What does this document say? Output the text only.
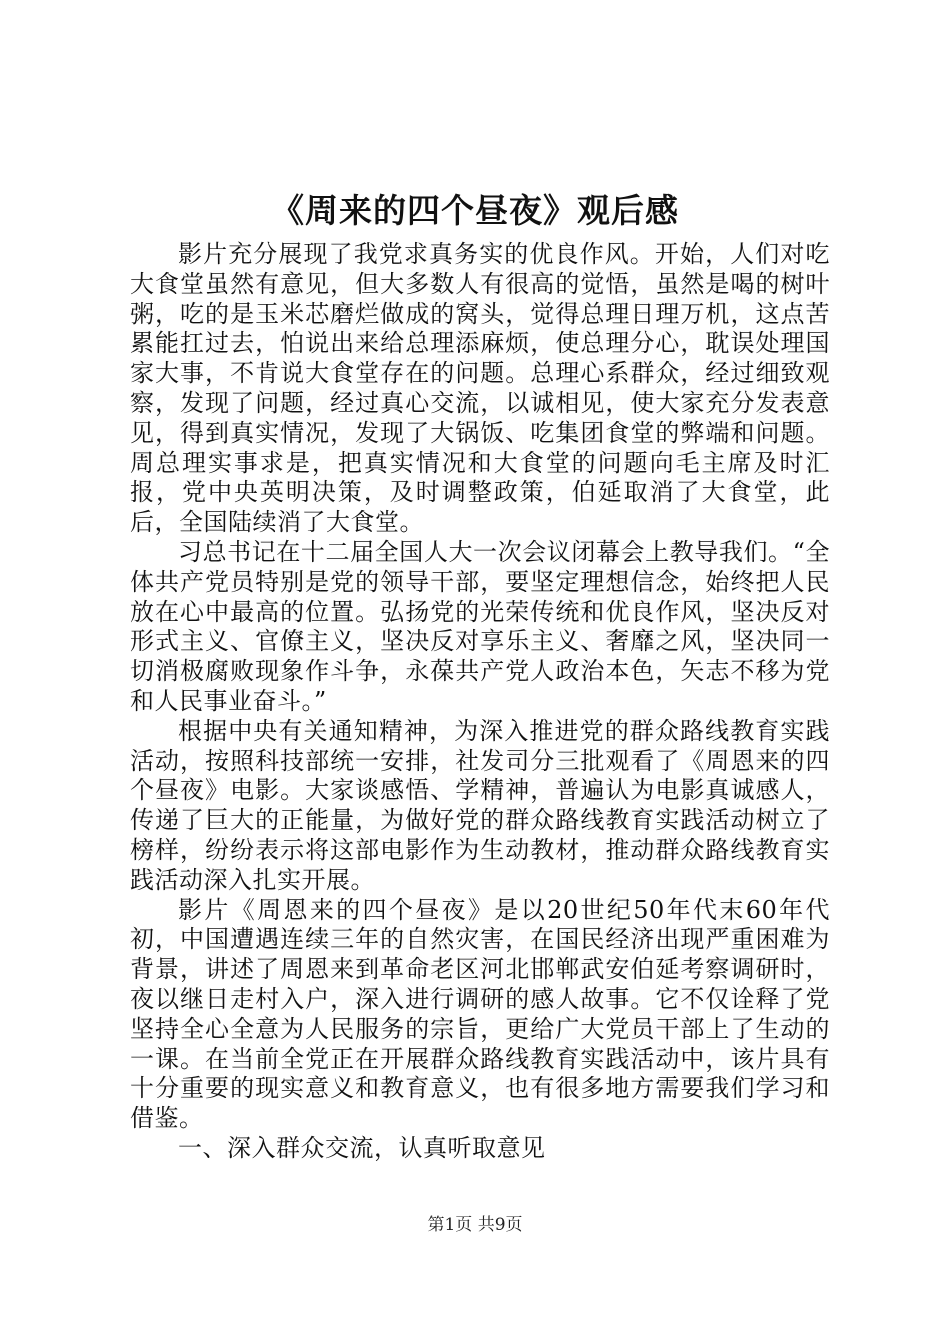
《周来的四个昼夜》观后感

影片充分展现了我党求真务实的优良作风。开始，人们对吃大食堂虽然有意见，但大多数人有很高的觉悟，虽然是喝的树叶粥，吃的是玉米芯磨烂做成的窝头，觉得总理日理万机，这点苦累能扛过去，怕说出来给总理添麻烦，使总理分心，耽误处理国家大事，不肯说大食堂存在的问题。总理心系群众，经过细致观察，发现了问题，经过真心交流，以诚相见，使大家充分发表意见，得到真实情况，发现了大锅饭、吃集团食堂的弊端和问题。周总理实事求是，把真实情况和大食堂的问题向毛主席及时汇报，党中央英明决策，及时调整政策，伯延取消了大食堂，此后，全国陆续消了大食堂。

习总书记在十二届全国人大一次会议闭幕会上教导我们。“全体共产党员特别是党的领导干部，要坚定理想信念，始终把人民放在心中最高的位置。弘扬党的光荣传统和优良作风，坚决反对形式主义、官僚主义，坚决反对享乐主义、奢靡之风，坚决同一切消极腐败现象作斗争，永葆共产党人政治本色，矢志不移为党和人民事业奋斗。”

根据中央有关通知精神，为深入推进党的群众路线教育实践活动，按照科技部统一安排，社发司分三批观看了《周恩来的四个昼夜》电影。大家谈感悟、学精神，普遍认为电影真诚感人，传递了巨大的正能量，为做好党的群众路线教育实践活动树立了榜样，纷纷表示将这部电影作为生动教材，推动群众路线教育实践活动深入扎实开展。

影片《周恩来的四个昼夜》是以20世纪50年代末60年代初，中国遭遇连续三年的自然灾害，在国民经济出现严重困难为背景，讲述了周恩来到革命老区河北邯郸武安伯延考察调研时，夜以继日走村入户，深入进行调研的感人故事。它不仅诠释了党坚持全心全意为人民服务的宗旨，更给广大党员干部上了生动的一课。在当前全党正在开展群众路线教育实践活动中，该片具有十分重要的现实意义和教育意义，也有很多地方需要我们学习和借鉴。

一、深入群众交流，认真听取意见

第1页 共9页
